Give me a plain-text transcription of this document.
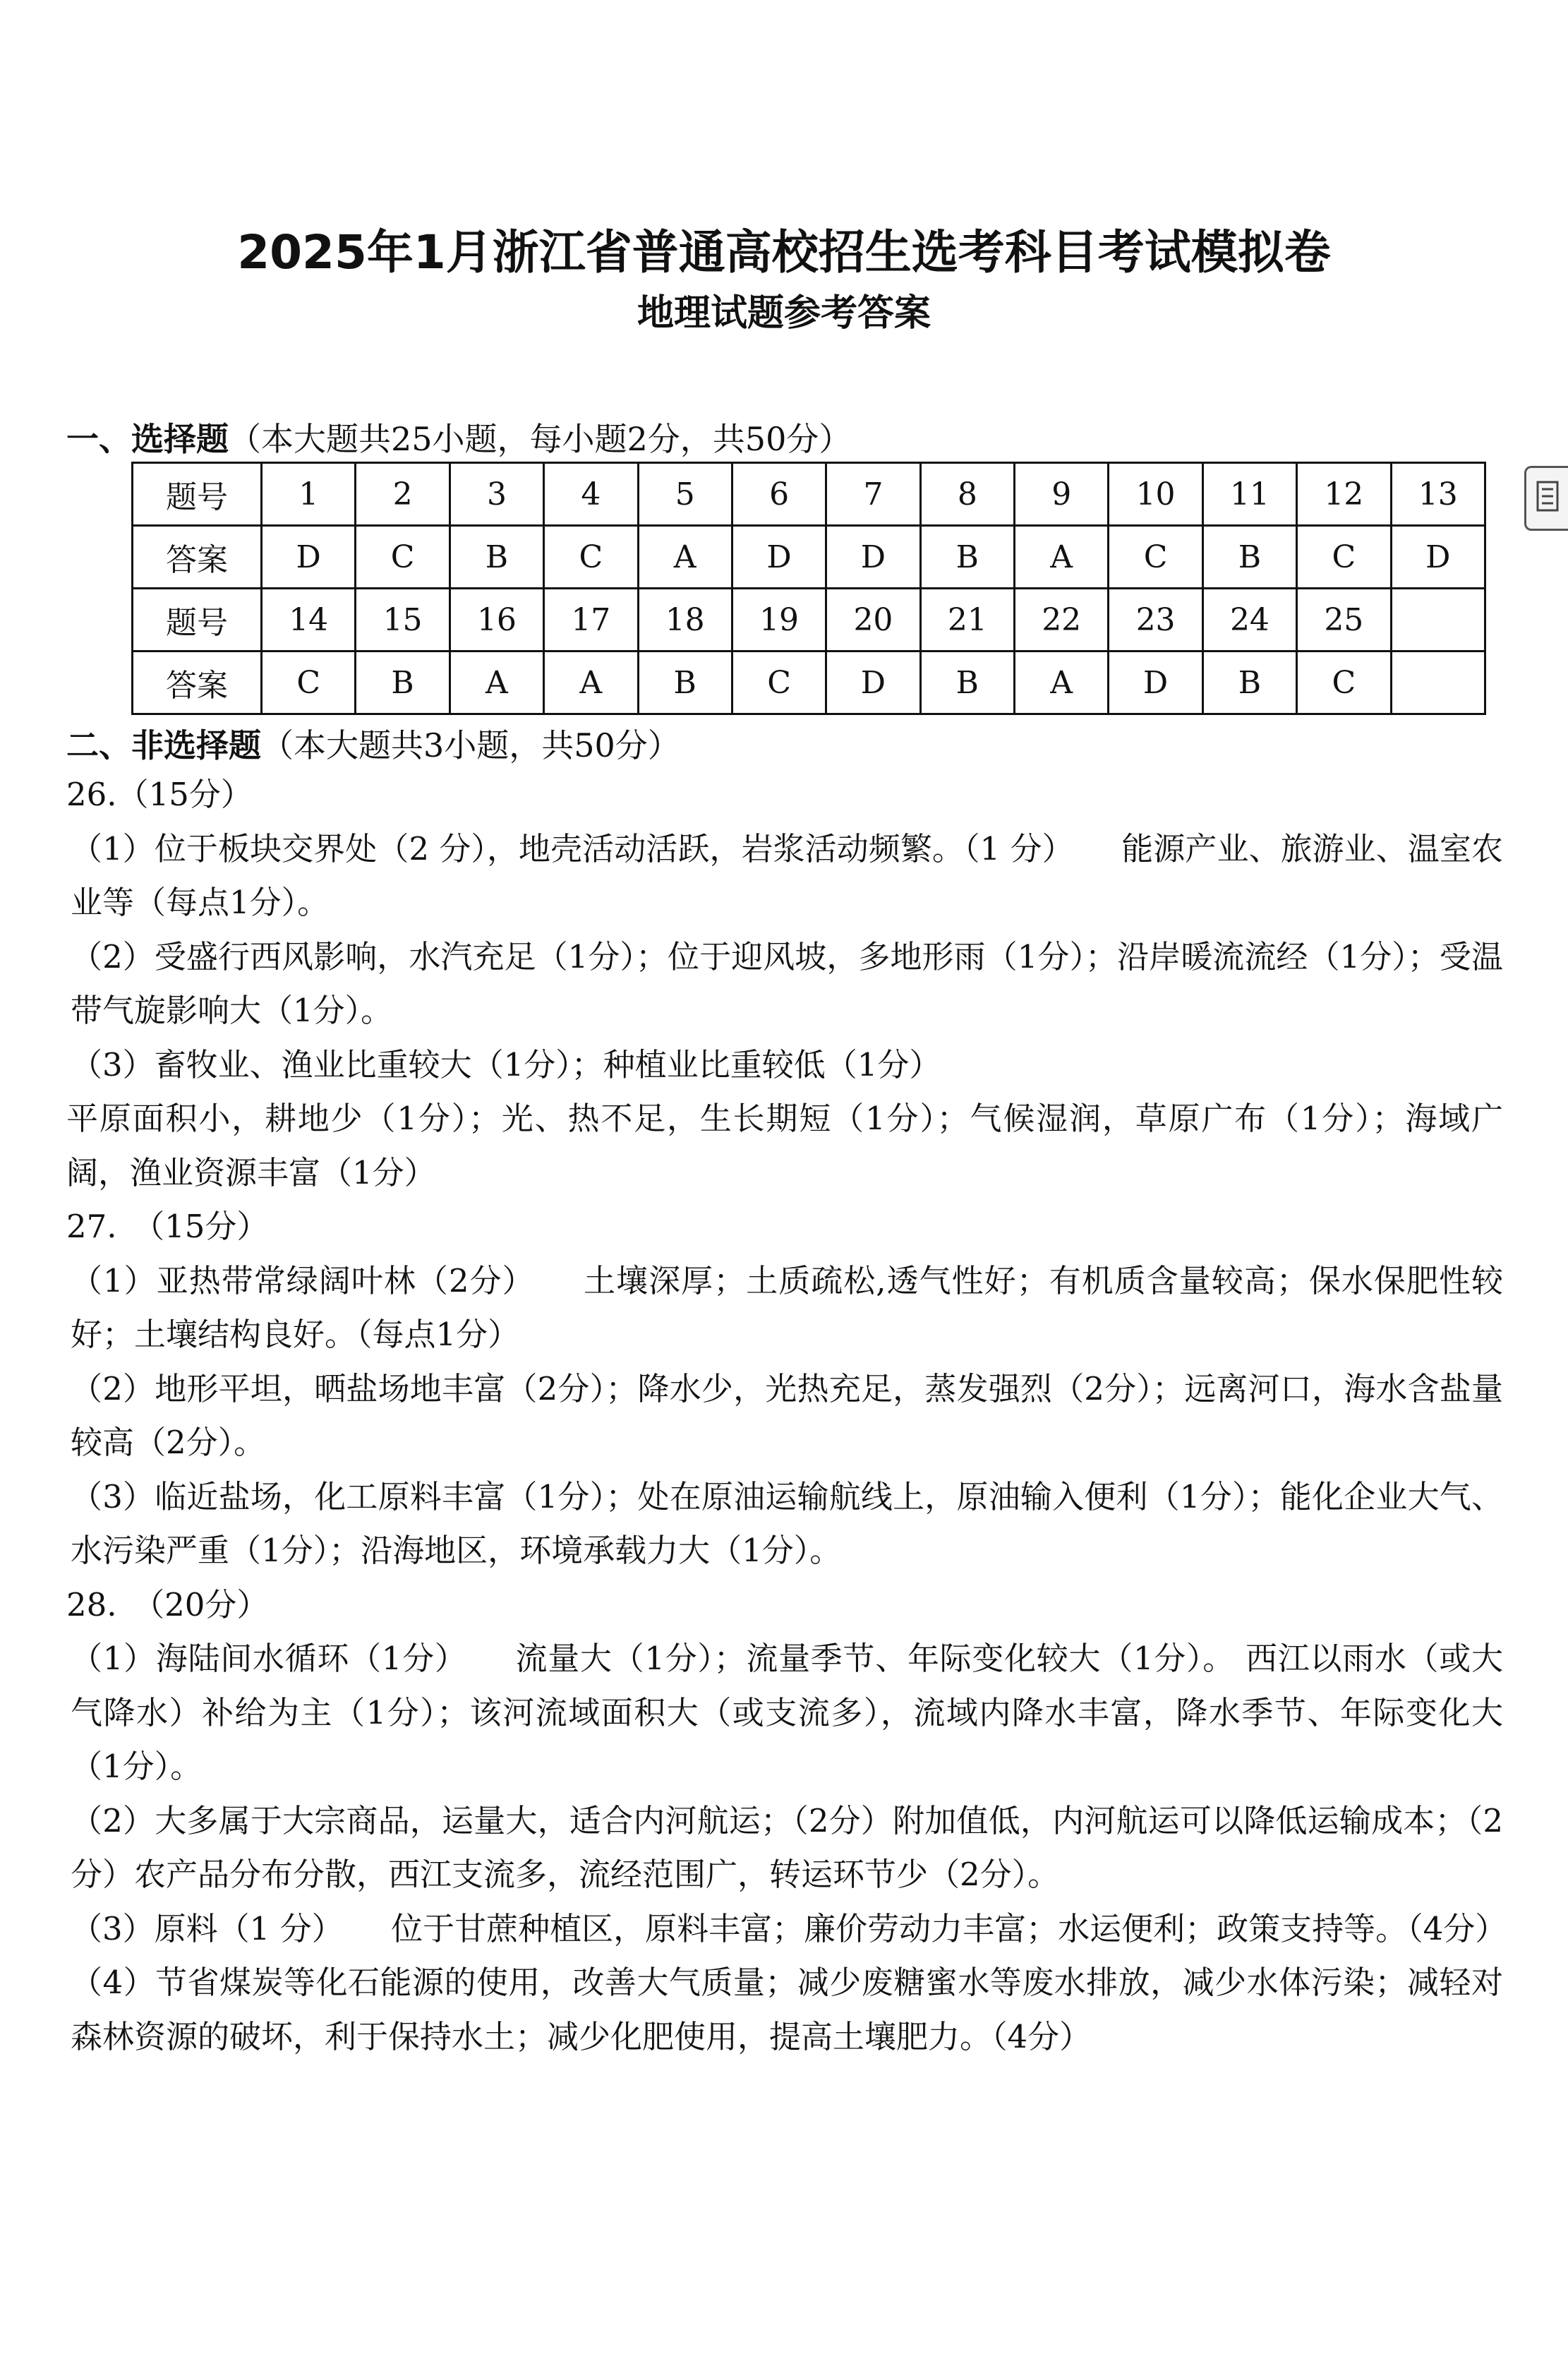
2025年1月浙江省普通高校招生选考科目考试模拟卷
地理试题参考答案
一、选择题（本大题共25小题，每小题2分，共50分）
题号	1	2	3	4	5	6	7	8	9	10	11	12	13
答案	D	C	B	C	A	D	D	B	A	C	B	C	D
题号	14	15	16	17	18	19	20	21	22	23	24	25	
答案	C	B	A	A	B	C	D	B	A	D	B	C	
二、非选择题（本大题共3小题，共50分）

26.（15分）

（1）位于板块交界处（2 分），地壳活动活跃，岩浆活动频繁。（1 分）　　能源产业、旅游业、温室农业等（每点1分）。

（2）受盛行西风影响，水汽充足（1分）；位于迎风坡，多地形雨（1分）；沿岸暖流流经（1分）；受温带气旋影响大（1分）。

（3）畜牧业、渔业比重较大（1分）；种植业比重较低（1分）

平原面积小，耕地少（1分）；光、热不足，生长期短（1分）；气候湿润，草原广布（1分）；海域广阔，渔业资源丰富（1分）

27.　（15分）

（1）亚热带常绿阔叶林（2分）　　土壤深厚；土质疏松,透气性好；有机质含量较高；保水保肥性较好；土壤结构良好。（每点1分）

（2）地形平坦，晒盐场地丰富（2分）；降水少，光热充足，蒸发强烈（2分）；远离河口，海水含盐量较高（2分）。

（3）临近盐场，化工原料丰富（1分）；处在原油运输航线上，原油输入便利（1分）；能化企业大气、水污染严重（1分）；沿海地区，环境承载力大（1分）。

28.　（20分）

（1）海陆间水循环（1分）　　流量大（1分）；流量季节、年际变化较大（1分）。 西江以雨水（或大气降水）补给为主（1分）；该河流域面积大（或支流多），流域内降水丰富，降水季节、年际变化大（1分）。

（2）大多属于大宗商品，运量大，适合内河航运；（2分）附加值低，内河航运可以降低运输成本；（2分）农产品分布分散，西江支流多，流经范围广，转运环节少（2分）。

（3）原料（1 分）　　位于甘蔗种植区，原料丰富；廉价劳动力丰富；水运便利；政策支持等。（4分）

（4）节省煤炭等化石能源的使用，改善大气质量；减少废糖蜜水等废水排放，减少水体污染；减轻对森林资源的破坏，利于保持水土；减少化肥使用，提高土壤肥力。（4分）
